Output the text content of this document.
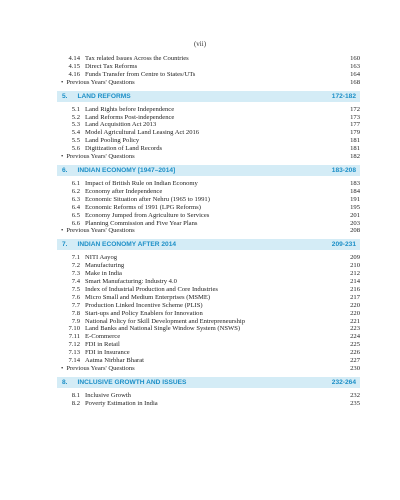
(vii)
4.14 Tax related Issues Across the Countries	160
4.15 Direct Tax Reforms	163
4.16 Funds Transfer from Centre to States/UTs	164
• Previous Years' Questions	168
5. LAND REFORMS	172-182
5.1 Land Rights before Independence	172
5.2 Land Reforms Post-independence	173
5.3 Land Acquisition Act 2013	177
5.4 Model Agricultural Land Leasing Act 2016	179
5.5 Land Pooling Policy	181
5.6 Digitization of Land Records	181
• Previous Years' Questions	182
6. INDIAN ECONOMY [1947–2014]	183-208
6.1 Impact of British Rule on Indian Economy	183
6.2 Economy after Independence	184
6.3 Economic Situation after Nehru (1965 to 1991)	191
6.4 Economic Reforms of 1991 (LPG Reforms)	195
6.5 Economy Jumped from Agriculture to Services	201
6.6 Planning Commission and Five Year Plans	203
• Previous Years' Questions	208
7. INDIAN ECONOMY AFTER 2014	209-231
7.1 NITI Aayog	209
7.2 Manufacturing	210
7.3 Make in India	212
7.4 Smart Manufacturing: Industry 4.0	214
7.5 Index of Industrial Production and Core Industries	216
7.6 Micro Small and Medium Enterprises (MSME)	217
7.7 Production Linked Incentive Scheme (PLIS)	220
7.8 Start-ups and Policy Enablers for Innovation	220
7.9 National Policy for Skill Development and Entrepreneurship	221
7.10 Land Banks and National Single Window System (NSWS)	223
7.11 E-Commerce	224
7.12 FDI in Retail	225
7.13 FDI in Insurance	226
7.14 Aatma Nirbhar Bharat	227
• Previous Years' Questions	230
8. INCLUSIVE GROWTH AND ISSUES	232-264
8.1 Inclusive Growth	232
8.2 Poverty Estimation in India	235
